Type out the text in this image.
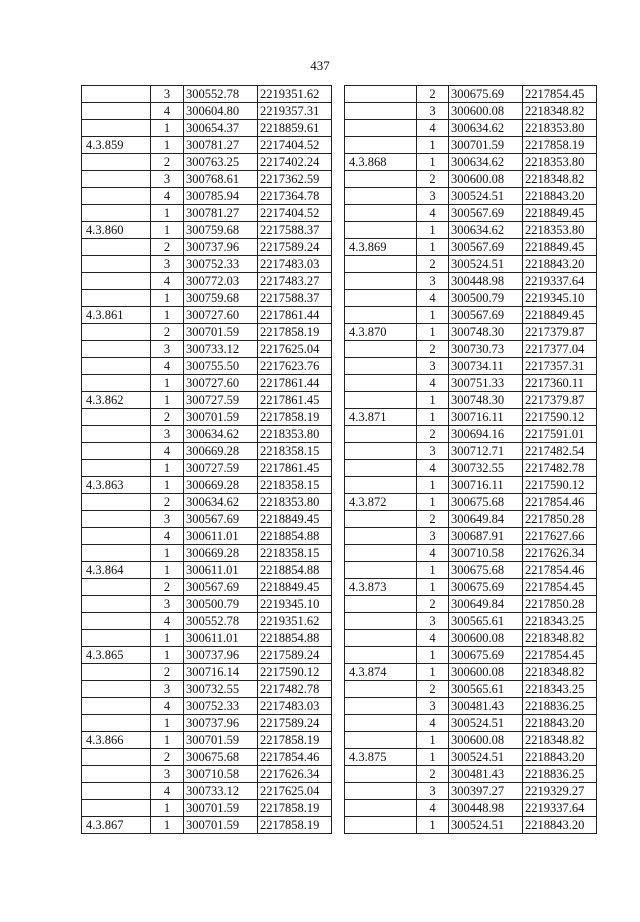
437
	3	300552.78	2219351.62
	4	300604.80	2219357.31
	1	300654.37	2218859.61
4.3.859	1	300781.27	2217404.52
	2	300763.25	2217402.24
	3	300768.61	2217362.59
	4	300785.94	2217364.78
	1	300781.27	2217404.52
4.3.860	1	300759.68	2217588.37
	2	300737.96	2217589.24
	3	300752.33	2217483.03
	4	300772.03	2217483.27
	1	300759.68	2217588.37
4.3.861	1	300727.60	2217861.44
	2	300701.59	2217858.19
	3	300733.12	2217625.04
	4	300755.50	2217623.76
	1	300727.60	2217861.44
4.3.862	1	300727.59	2217861.45
	2	300701.59	2217858.19
	3	300634.62	2218353.80
	4	300669.28	2218358.15
	1	300727.59	2217861.45
4.3.863	1	300669.28	2218358.15
	2	300634.62	2218353.80
	3	300567.69	2218849.45
	4	300611.01	2218854.88
	1	300669.28	2218358.15
4.3.864	1	300611.01	2218854.88
	2	300567.69	2218849.45
	3	300500.79	2219345.10
	4	300552.78	2219351.62
	1	300611.01	2218854.88
4.3.865	1	300737.96	2217589.24
	2	300716.14	2217590.12
	3	300732.55	2217482.78
	4	300752.33	2217483.03
	1	300737.96	2217589.24
4.3.866	1	300701.59	2217858.19
	2	300675.68	2217854.46
	3	300710.58	2217626.34
	4	300733.12	2217625.04
	1	300701.59	2217858.19
4.3.867	1	300701.59	2217858.19
	2	300675.69	2217854.45
	3	300600.08	2218348.82
	4	300634.62	2218353.80
	1	300701.59	2217858.19
4.3.868	1	300634.62	2218353.80
	2	300600.08	2218348.82
	3	300524.51	2218843.20
	4	300567.69	2218849.45
	1	300634.62	2218353.80
4.3.869	1	300567.69	2218849.45
	2	300524.51	2218843.20
	3	300448.98	2219337.64
	4	300500.79	2219345.10
	1	300567.69	2218849.45
4.3.870	1	300748.30	2217379.87
	2	300730.73	2217377.04
	3	300734.11	2217357.31
	4	300751.33	2217360.11
	1	300748.30	2217379.87
4.3.871	1	300716.11	2217590.12
	2	300694.16	2217591.01
	3	300712.71	2217482.54
	4	300732.55	2217482.78
	1	300716.11	2217590.12
4.3.872	1	300675.68	2217854.46
	2	300649.84	2217850.28
	3	300687.91	2217627.66
	4	300710.58	2217626.34
	1	300675.68	2217854.46
4.3.873	1	300675.69	2217854.45
	2	300649.84	2217850.28
	3	300565.61	2218343.25
	4	300600.08	2218348.82
	1	300675.69	2217854.45
4.3.874	1	300600.08	2218348.82
	2	300565.61	2218343.25
	3	300481.43	2218836.25
	4	300524.51	2218843.20
	1	300600.08	2218348.82
4.3.875	1	300524.51	2218843.20
	2	300481.43	2218836.25
	3	300397.27	2219329.27
	4	300448.98	2219337.64
	1	300524.51	2218843.20
